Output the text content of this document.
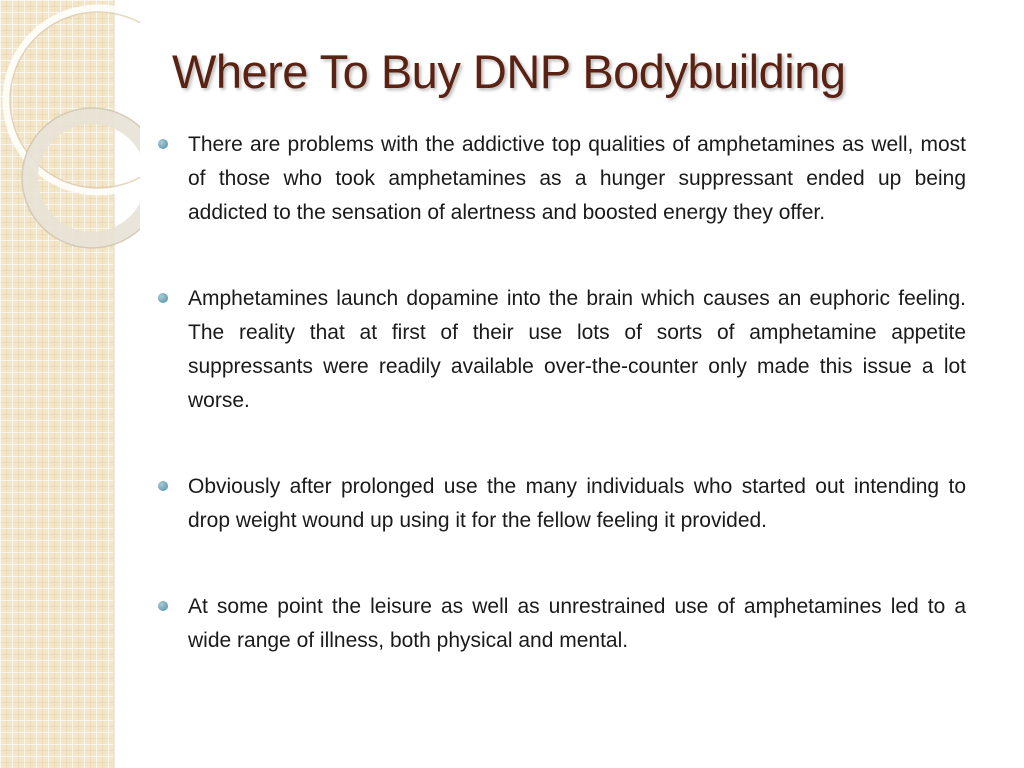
Where To Buy DNP Bodybuilding
There are problems with the addictive top qualities of amphetamines as well, most of those who took amphetamines as a hunger suppressant ended up being addicted to the sensation of alertness and boosted energy they offer.
Amphetamines launch dopamine into the brain which causes an euphoric feeling. The reality that at first of their use lots of sorts of amphetamine appetite suppressants were readily available over-the-counter only made this issue a lot worse.
Obviously after prolonged use the many individuals who started out intending to drop weight wound up using it for the fellow feeling it provided.
At some point the leisure as well as unrestrained use of amphetamines led to a wide range of illness, both physical and mental.
